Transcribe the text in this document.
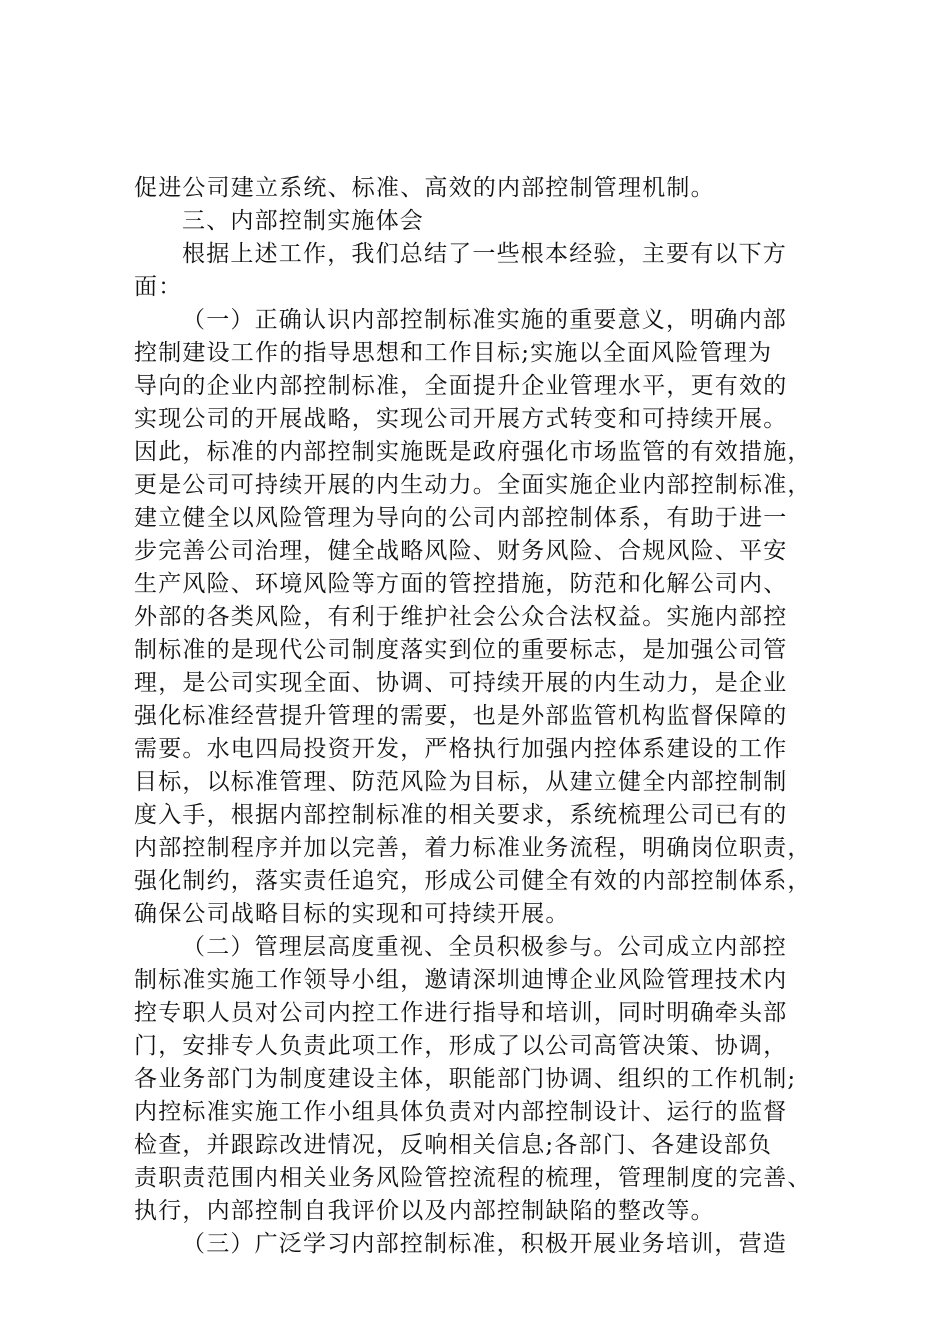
促进公司建立系统、标准、高效的内部控制管理机制。
三、内部控制实施体会
根据上述工作，我们总结了一些根本经验，主要有以下方
面：
（一）正确认识内部控制标准实施的重要意义，明确内部
控制建设工作的指导思想和工作目标;实施以全面风险管理为
导向的企业内部控制标准，全面提升企业管理水平，更有效的
实现公司的开展战略，实现公司开展方式转变和可持续开展。
因此，标准的内部控制实施既是政府强化市场监管的有效措施，
更是公司可持续开展的内生动力。全面实施企业内部控制标准，
建立健全以风险管理为导向的公司内部控制体系，有助于进一
步完善公司治理，健全战略风险、财务风险、合规风险、平安
生产风险、环境风险等方面的管控措施，防范和化解公司内、
外部的各类风险，有利于维护社会公众合法权益。实施内部控
制标准的是现代公司制度落实到位的重要标志，是加强公司管
理，是公司实现全面、协调、可持续开展的内生动力，是企业
强化标准经营提升管理的需要，也是外部监管机构监督保障的
需要。水电四局投资开发，严格执行加强内控体系建设的工作
目标，以标准管理、防范风险为目标，从建立健全内部控制制
度入手，根据内部控制标准的相关要求，系统梳理公司已有的
内部控制程序并加以完善，着力标准业务流程，明确岗位职责，
强化制约，落实责任追究，形成公司健全有效的内部控制体系，
确保公司战略目标的实现和可持续开展。
（二）管理层高度重视、全员积极参与。公司成立内部控
制标准实施工作领导小组，邀请深圳迪博企业风险管理技术内
控专职人员对公司内控工作进行指导和培训，同时明确牵头部
门，安排专人负责此项工作，形成了以公司高管决策、协调，
各业务部门为制度建设主体，职能部门协调、组织的工作机制;
内控标准实施工作小组具体负责对内部控制设计、运行的监督
检查，并跟踪改进情况，反响相关信息;各部门、各建设部负
责职责范围内相关业务风险管控流程的梳理，管理制度的完善、
执行，内部控制自我评价以及内部控制缺陷的整改等。
（三）广泛学习内部控制标准，积极开展业务培训，营造
